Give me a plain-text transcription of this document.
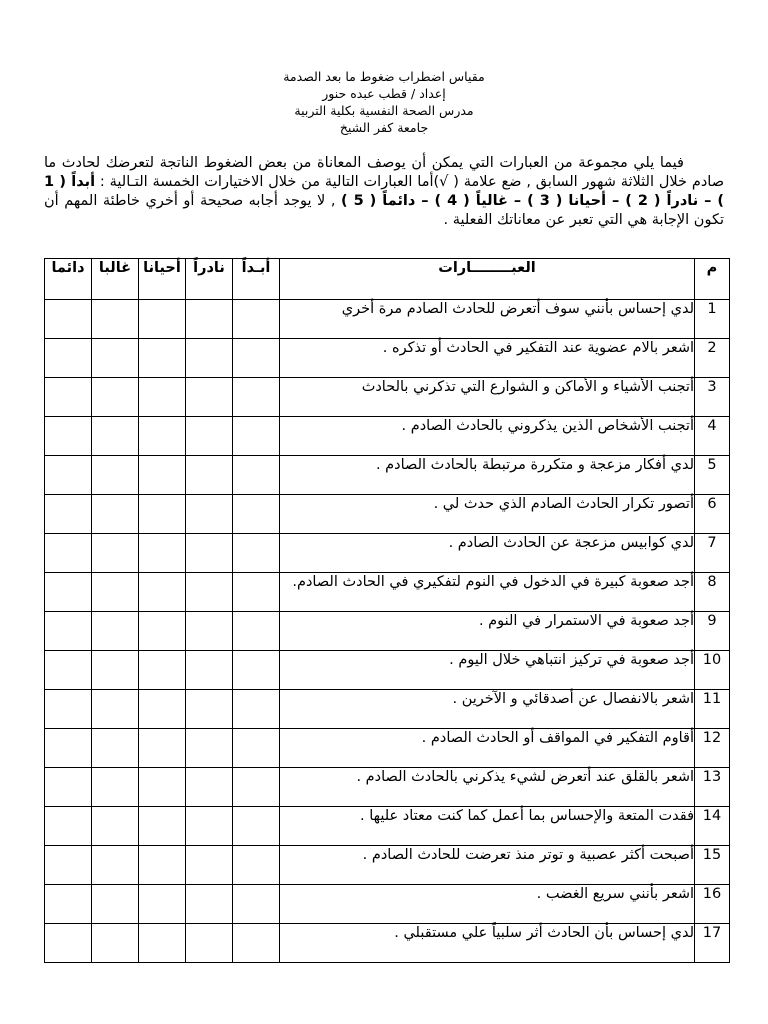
مقياس اضطراب ضغوط ما بعد الصدمة
إعداد / قطب عبده حنور
مدرس الصحة النفسية بكلية التربية
جامعة كفر الشيخ
فيما يلي مجموعة من العبارات التي يمكن أن يوصف المعاناة من بعض الضغوط الناتجة لتعرضك لحادث ما صادم خلال الثلاثة شهور السابق , ضع علامة ( √)أما العبارات التالية من خلال الاختيارات الخمسة التـالية : أبداً ( 1 ) – نادراً ( 2 ) – أحيانا ( 3 ) – غالياً ( 4 ) – دائماً ( 5 ) , لا يوجد أجابه صحيحة أو أخري خاطئة المهم أن تكون الإجابة هي التي تعبر عن معاناتك الفعلية .
م	العبــــــــارات	أبـداً	نادراً	أحيانا	غالبا	دائما
1	لدي إحساس بأنني سوف أتعرض للحادث الصادم مرة أخري					
2	اشعر بالام عضوية عند التفكير في الحادث أو تذكره .					
3	أتجنب الأشياء و الأماكن و الشوارع التي تذكرني بالحادث					
4	أتجنب الأشخاص الذين يذكروني بالحادث الصادم .					
5	لدي أفكار مزعجة و متكررة مرتبطة بالحادث الصادم .					
6	أتصور تكرار الحادث الصادم الذي حدث لي .					
7	لدي كوابيس مزعجة عن الحادث الصادم .					
8	أجد صعوبة كبيرة في الدخول في النوم لتفكيري في الحادث الصادم.					
9	أجد صعوبة في الاستمرار في النوم .					
10	أجد صعوبة في تركيز انتباهي خلال اليوم .					
11	اشعر بالانفصال عن أصدقائي و الآخرين .					
12	أقاوم التفكير في المواقف أو الحادث الصادم .					
13	اشعر بالقلق عند أتعرض لشيء يذكرني بالحادث الصادم .					
14	فقدت المتعة والإحساس بما أعمل كما كنت معتاد عليها .					
15	أصبحت أكثر عصبية و توتر منذ تعرضت للحادث الصادم .					
16	اشعر بأنني سريع الغضب .					
17	لدي إحساس بأن الحادث أثر سلبياً علي مستقبلي .					
